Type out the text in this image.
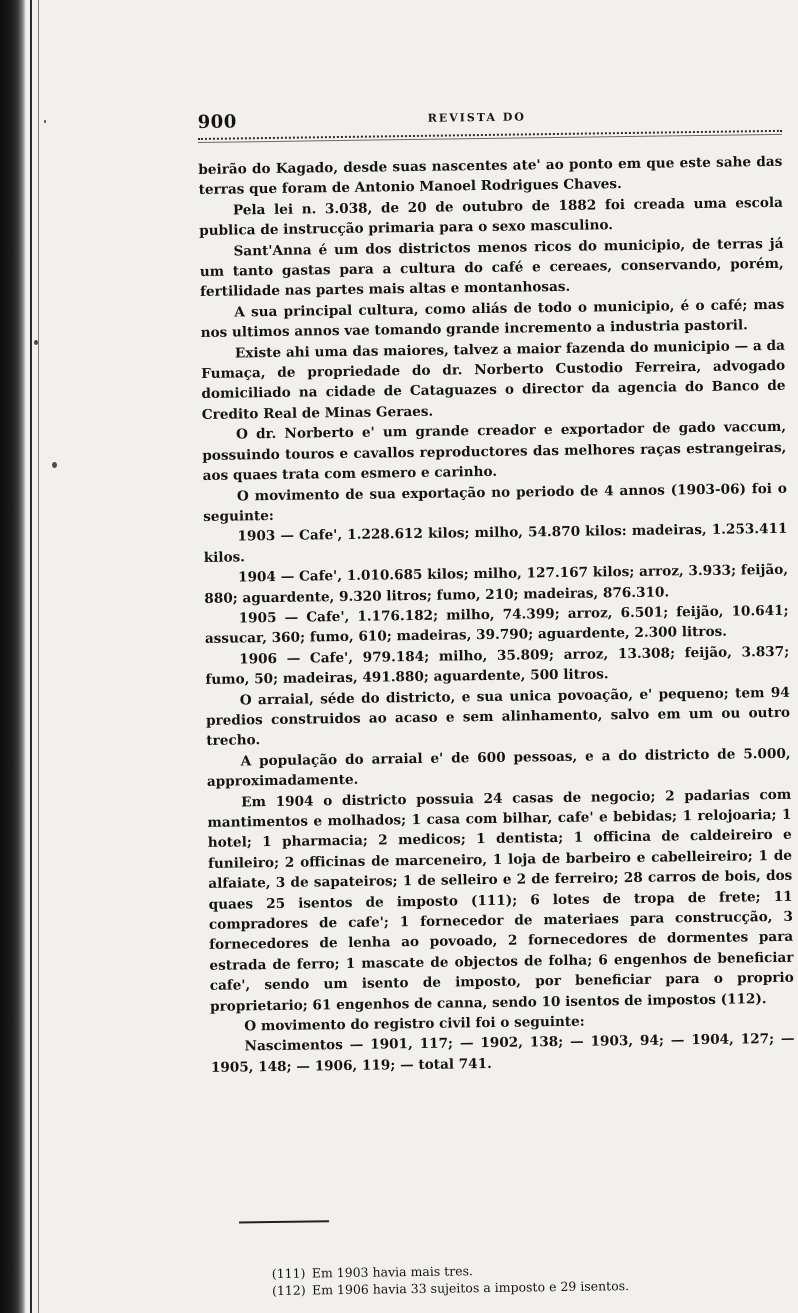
900	REVISTA DO

beirão do Kagado, desde suas nascentes ate' ao ponto em que este sahe das terras que foram de Antonio Manoel Rodrigues Chaves.

Pela lei n. 3.038, de 20 de outubro de 1882 foi creada uma escola publica de instrucção primaria para o sexo masculino.

Sant'Anna é um dos districtos menos ricos do municipio, de terras já um tanto gastas para a cultura do café e cereaes, conservando, porém, fertilidade nas partes mais altas e montanhosas.

A sua principal cultura, como aliás de todo o municipio, é o café; mas nos ultimos annos vae tomando grande incremento a industria pastoril.

Existe ahi uma das maiores, talvez a maior fazenda do municipio — a da Fumaça, de propriedade do dr. Norberto Custodio Ferreira, advogado domiciliado na cidade de Cataguazes o director da agencia do Banco de Credito Real de Minas Geraes.

O dr. Norberto e' um grande creador e exportador de gado vaccum, possuindo touros e cavallos reproductores das melhores raças estrangeiras, aos quaes trata com esmero e carinho.

O movimento de sua exportação no periodo de 4 annos (1903-06) foi o seguinte:

1903 — Cafe', 1.228.612 kilos; milho, 54.870 kilos: madeiras, 1.253.411 kilos.

1904 — Cafe', 1.010.685 kilos; milho, 127.167 kilos; arroz, 3.933; feijão, 880; aguardente, 9.320 litros; fumo, 210; madeiras, 876.310.

1905 — Cafe', 1.176.182; milho, 74.399; arroz, 6.501; feijão, 10.641; assucar, 360; fumo, 610; madeiras, 39.790; aguardente, 2.300 litros.

1906 — Cafe', 979.184; milho, 35.809; arroz, 13.308; feijão, 3.837; fumo, 50; madeiras, 491.880; aguardente, 500 litros.

O arraial, séde do districto, e sua unica povoação, e' pequeno; tem 94 predios construidos ao acaso e sem alinhamento, salvo em um ou outro trecho.

A população do arraial e' de 600 pessoas, e a do districto de 5.000, approximadamente.

Em 1904 o districto possuia 24 casas de negocio; 2 padarias com mantimentos e molhados; 1 casa com bilhar, cafe' e bebidas; 1 relojoaria; 1 hotel; 1 pharmacia; 2 medicos; 1 dentista; 1 officina de caldeireiro e funileiro; 2 officinas de marceneiro, 1 loja de barbeiro e cabelleireiro; 1 de alfaiate, 3 de sapateiros; 1 de selleiro e 2 de ferreiro; 28 carros de bois, dos quaes 25 isentos de imposto (111); 6 lotes de tropa de frete; 11 compradores de cafe'; 1 fornecedor de materiaes para construcção, 3 fornecedores de lenha ao povoado, 2 fornecedores de dormentes para estrada de ferro; 1 mascate de objectos de folha; 6 engenhos de beneficiar cafe', sendo um isento de imposto, por beneficiar para o proprio proprietario; 61 engenhos de canna, sendo 10 isentos de impostos (112).

O movimento do registro civil foi o seguinte:

Nascimentos — 1901, 117; — 1902, 138; — 1903, 94; — 1904, 127; — 1905, 148; — 1906, 119; — total 741.

(111) Em 1903 havia mais tres.

(112) Em 1906 havia 33 sujeitos a imposto e 29 isentos.
